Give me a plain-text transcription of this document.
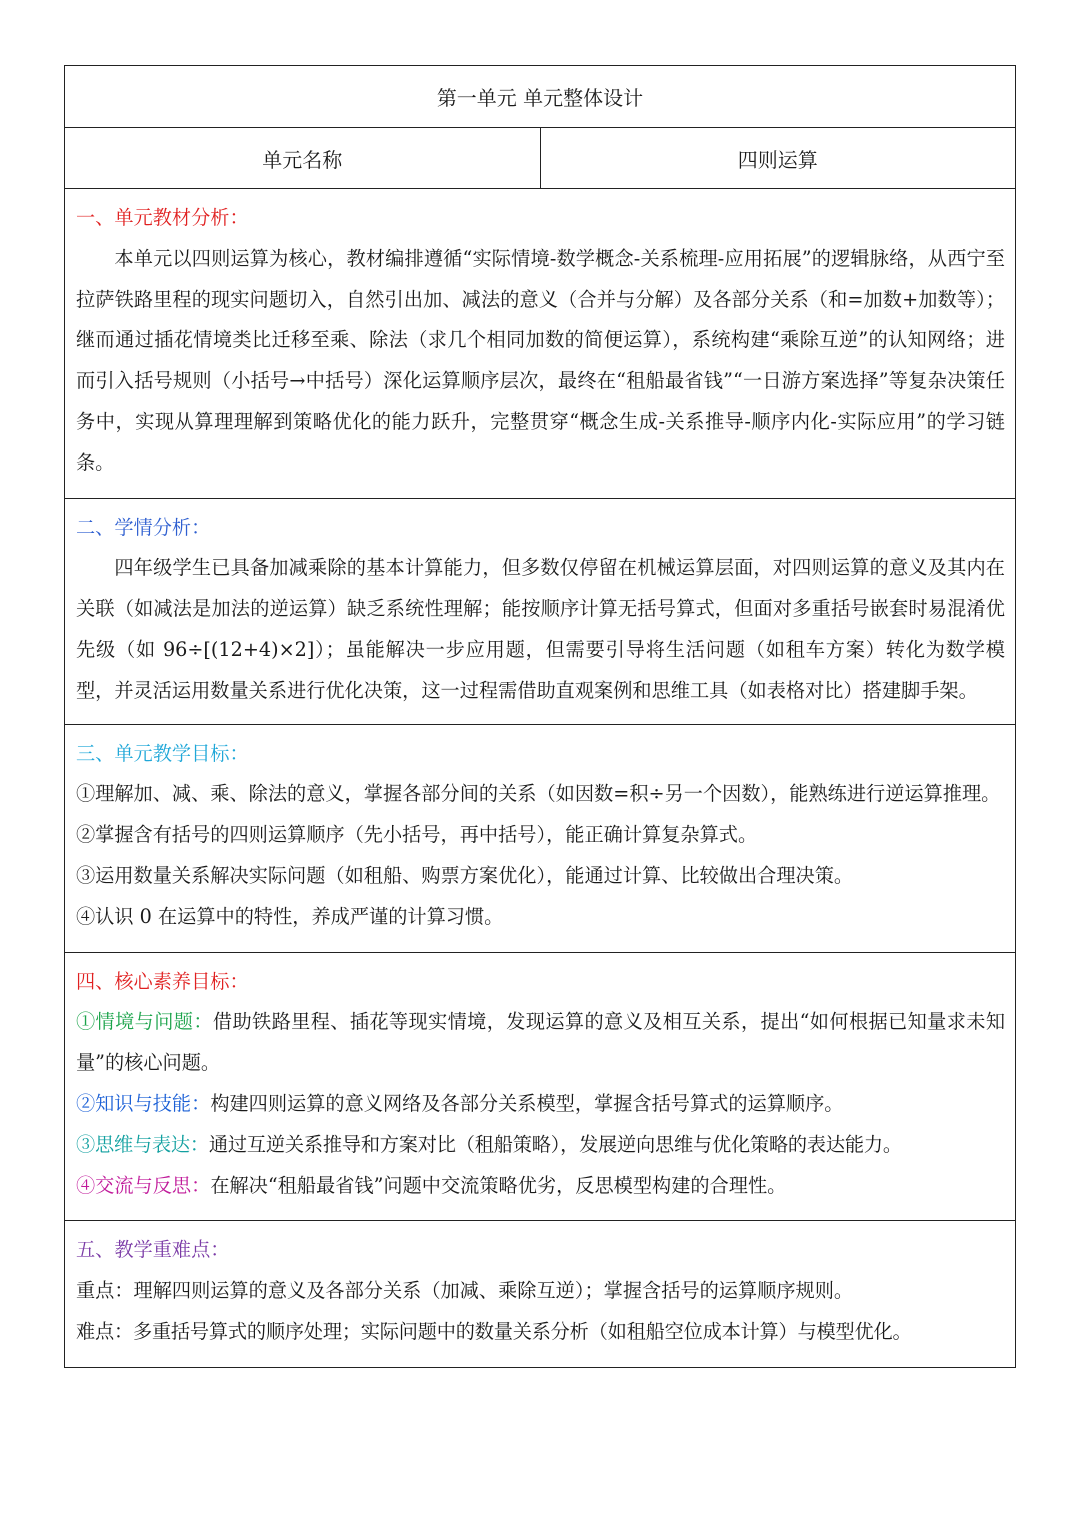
第一单元 单元整体设计
单元名称	四则运算
一、单元教材分析：

本单元以四则运算为核心，教材编排遵循“实际情境-数学概念-关系梳理-应用拓展”的逻辑脉络，从西宁至拉萨铁路里程的现实问题切入，自然引出加、减法的意义（合并与分解）及各部分关系（和=加数+加数等）；继而通过插花情境类比迁移至乘、除法（求几个相同加数的简便运算），系统构建“乘除互逆”的认知网络；进而引入括号规则（小括号→中括号）深化运算顺序层次，最终在“租船最省钱”“一日游方案选择”等复杂决策任务中，实现从算理理解到策略优化的能力跃升，完整贯穿“概念生成-关系推导-顺序内化-实际应用”的学习链条。

二、学情分析：

四年级学生已具备加减乘除的基本计算能力，但多数仅停留在机械运算层面，对四则运算的意义及其内在关联（如减法是加法的逆运算）缺乏系统性理解；能按顺序计算无括号算式，但面对多重括号嵌套时易混淆优先级（如 96÷[(12+4)×2]）；虽能解决一步应用题，但需要引导将生活问题（如租车方案）转化为数学模型，并灵活运用数量关系进行优化决策，这一过程需借助直观案例和思维工具（如表格对比）搭建脚手架。

三、单元教学目标：

①理解加、减、乘、除法的意义，掌握各部分间的关系（如因数=积÷另一个因数），能熟练进行逆运算推理。

②掌握含有括号的四则运算顺序（先小括号，再中括号），能正确计算复杂算式。

③运用数量关系解决实际问题（如租船、购票方案优化），能通过计算、比较做出合理决策。

④认识 0 在运算中的特性，养成严谨的计算习惯。

四、核心素养目标：

①情境与问题：借助铁路里程、插花等现实情境，发现运算的意义及相互关系，提出“如何根据已知量求未知量”的核心问题。

②知识与技能：构建四则运算的意义网络及各部分关系模型，掌握含括号算式的运算顺序。

③思维与表达：通过互逆关系推导和方案对比（租船策略），发展逆向思维与优化策略的表达能力。

④交流与反思：在解决“租船最省钱”问题中交流策略优劣，反思模型构建的合理性。

五、教学重难点：

重点：理解四则运算的意义及各部分关系（加减、乘除互逆）；掌握含括号的运算顺序规则。

难点：多重括号算式的顺序处理；实际问题中的数量关系分析（如租船空位成本计算）与模型优化。
